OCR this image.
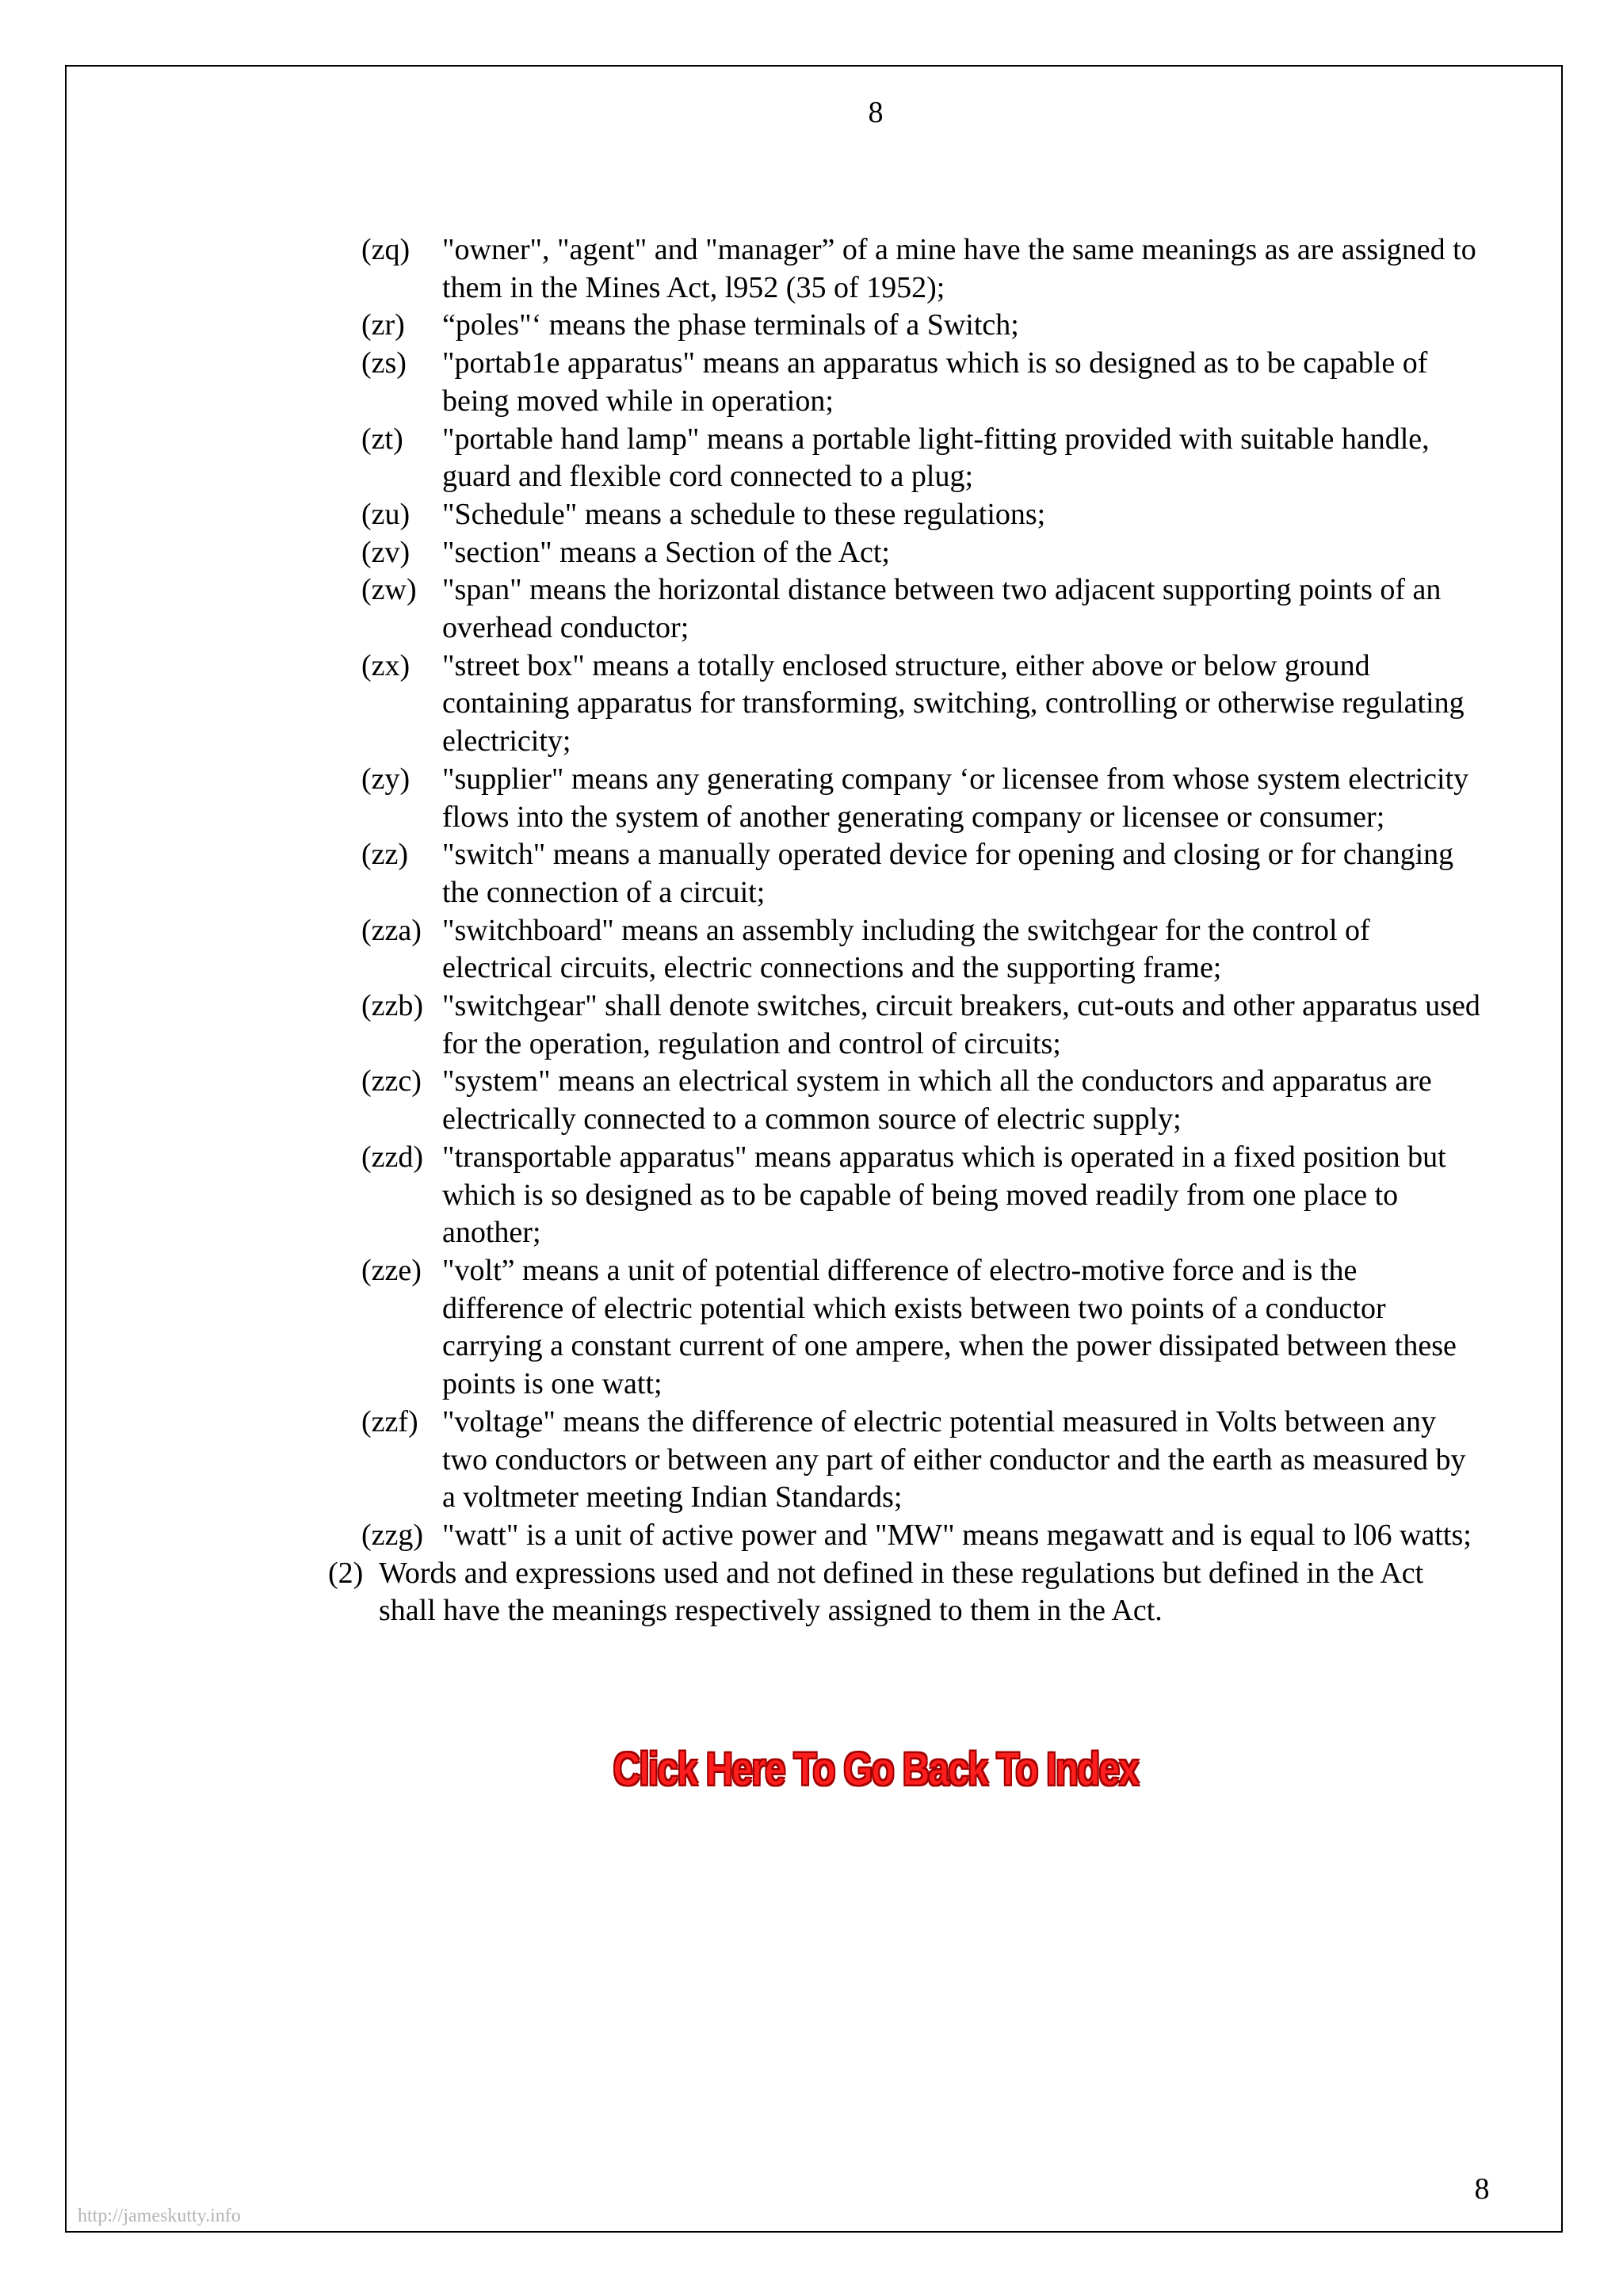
8
(zq) "owner", "agent" and "manager” of a mine have the same meanings as are assigned to them in the Mines Act, l952 (35 of 1952);
(zr) “poles"‘ means the phase terminals of a Switch;
(zs) "portab1e apparatus" means an apparatus which is so designed as to be capable of being moved while in operation;
(zt) "portable hand lamp" means a portable light-fitting provided with suitable handle, guard and flexible cord connected to a plug;
(zu) "Schedule" means a schedule to these regulations;
(zv) "section" means a Section of the Act;
(zw) "span" means the horizontal distance between two adjacent supporting points of an overhead conductor;
(zx) "street box" means a totally enclosed structure, either above or below ground containing apparatus for transforming, switching, controlling or otherwise regulating electricity;
(zy) "supplier" means any generating company ‘or licensee from whose system electricity flows into the system of another generating company or licensee or consumer;
(zz) "switch" means a manually operated device for opening and closing or for changing the connection of a circuit;
(zza) "switchboard" means an assembly including the switchgear for the control of electrical circuits, electric connections and the supporting frame;
(zzb) "switchgear" shall denote switches, circuit breakers, cut-outs and other apparatus used for the operation, regulation and control of circuits;
(zzc) "system" means an electrical system in which all the conductors and apparatus are electrically connected to a common source of electric supply;
(zzd) "transportable apparatus" means apparatus which is operated in a fixed position but which is so designed as to be capable of being moved readily from one place to another;
(zze) "volt” means a unit of potential difference of electro-motive force and is the difference of electric potential which exists between two points of a conductor carrying a constant current of one ampere, when the power dissipated between these points is one watt;
(zzf) "voltage" means the difference of electric potential measured in Volts between any two conductors or between any part of either conductor and the earth as measured by a voltmeter meeting Indian Standards;
(zzg) "watt" is a unit of active power and "MW" means megawatt and is equal to l06 watts;
(2) Words and expressions used and not defined in these regulations but defined in the Act shall have the meanings respectively assigned to them in the Act.
Click Here To Go Back To Index
8
http://jameskutty.info
